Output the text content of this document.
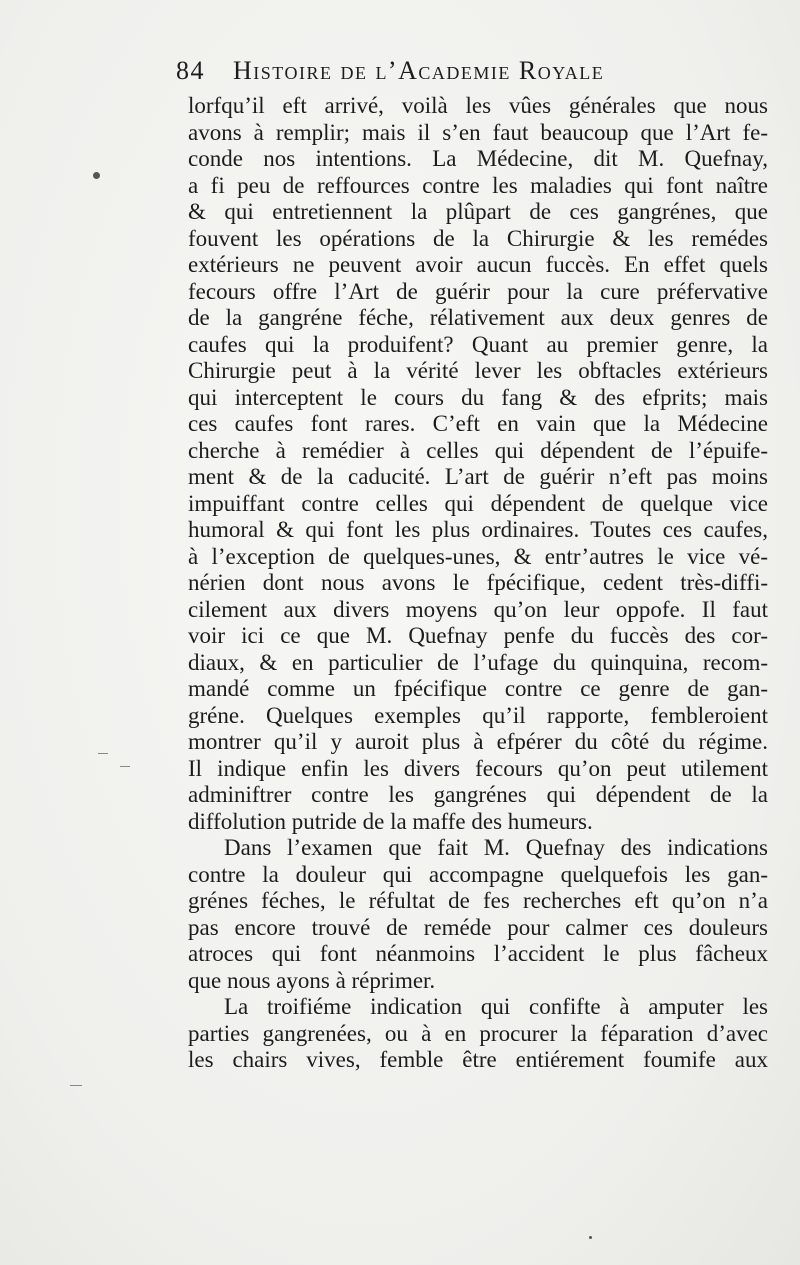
84 Histoire de l’Academie Royale
lorfqu’il eft arrivé, voilà les vûes générales que nous
avons à remplir; mais il s’en faut beaucoup que l’Art fe-
conde nos intentions. La Médecine, dit M. Quefnay,
a fi peu de reffources contre les maladies qui font naître
& qui entretiennent la plûpart de ces gangrénes, que
fouvent les opérations de la Chirurgie & les remédes
extérieurs ne peuvent avoir aucun fuccès. En effet quels
fecours offre l’Art de guérir pour la cure préfervative
de la gangréne féche, rélativement aux deux genres de
caufes qui la produifent? Quant au premier genre, la
Chirurgie peut à la vérité lever les obftacles extérieurs
qui interceptent le cours du fang & des efprits; mais
ces caufes font rares. C’eft en vain que la Médecine
cherche à remédier à celles qui dépendent de l’épuife-
ment & de la caducité. L’art de guérir n’eft pas moins
impuiffant contre celles qui dépendent de quelque vice
humoral & qui font les plus ordinaires. Toutes ces caufes,
à l’exception de quelques-unes, & entr’autres le vice vé-
nérien dont nous avons le fpécifique, cedent très-diffi-
cilement aux divers moyens qu’on leur oppofe. Il faut
voir ici ce que M. Quefnay penfe du fuccès des cor-
diaux, & en particulier de l’ufage du quinquina, recom-
mandé comme un fpécifique contre ce genre de gan-
gréne. Quelques exemples qu’il rapporte, fembleroient
montrer qu’il y auroit plus à efpérer du côté du régime.
Il indique enfin les divers fecours qu’on peut utilement
adminiftrer contre les gangrénes qui dépendent de la
diffolution putride de la maffe des humeurs.
Dans l’examen que fait M. Quefnay des indications
contre la douleur qui accompagne quelquefois les gan-
grénes féches, le réfultat de fes recherches eft qu’on n’a
pas encore trouvé de reméde pour calmer ces douleurs
atroces qui font néanmoins l’accident le plus fâcheux
que nous ayons à réprimer.
La troifiéme indication qui confifte à amputer les
parties gangrenées, ou à en procurer la féparation d’avec
les chairs vives, femble être entiérement foumife aux
